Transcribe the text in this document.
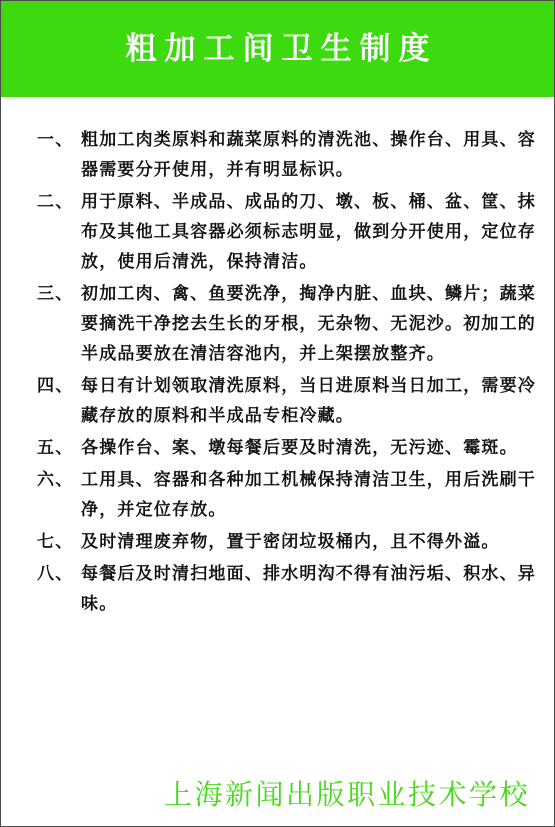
粗加工间卫生制度
一、 粗加工肉类原料和蔬菜原料的清洗池、操作台、用具、容器需要分开使用，并有明显标识。
二、 用于原料、半成品、成品的刀、墩、板、桶、盆、筐、抹布及其他工具容器必须标志明显，做到分开使用，定位存放，使用后清洗，保持清洁。
三、 初加工肉、禽、鱼要洗净，掏净内脏、血块、鳞片；蔬菜要摘洗干净挖去生长的牙根，无杂物、无泥沙。初加工的半成品要放在清洁容池内，并上架摆放整齐。
四、 每日有计划领取清洗原料，当日进原料当日加工，需要冷藏存放的原料和半成品专柜冷藏。
五、 各操作台、案、墩每餐后要及时清洗，无污迹、霉斑。
六、 工用具、容器和各种加工机械保持清洁卫生，用后洗刷干净，并定位存放。
七、 及时清理废弃物，置于密闭垃圾桶内，且不得外溢。
八、 每餐后及时清扫地面、排水明沟不得有油污垢、积水、异味。
上海新闻出版职业技术学校
